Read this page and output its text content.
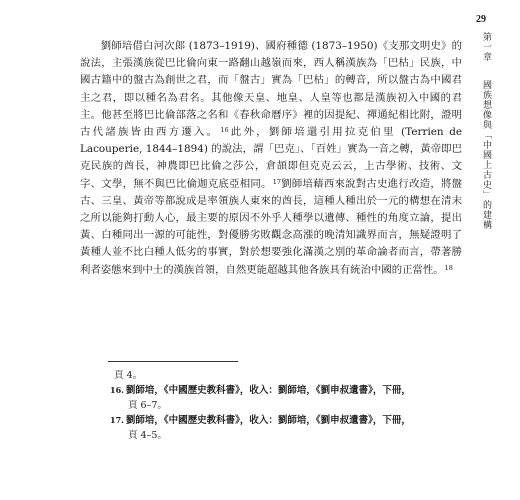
29
第一章　國族想像與「中國上古史」的建構

劉師培借白河次郎 (1873–1919)、國府種德 (1873–1950)《支那文明史》的說法，主張漢族從巴比倫向東一路翻山越嶺而來，西人稱漢族為「巴枯」民族，中國古籍中的盤古為創世之君，而「盤古」實為「巴枯」的轉音，所以盤古為中國君主之君，即以種名為君名。其他像天皇、地皇、人皇等也都是漢族初入中國的君主。他甚至將巴比倫部落之名和《春秋命曆序》裡的因提紀、禪通紀相比附，證明古代諸族皆由西方遷入。$^{16}$此外，劉師培還引用拉克伯里 (Terrien de Lacouperie, 1844–1894) 的說法，謂「巴克」、「百姓」實為一音之轉，黃帝即巴克民族的酋長，神農即巴比倫之莎公，倉頡即但克克云云，上古學術、技術、文字、文學，無不與巴比倫迦克底亞相同。$^{17}$劉師培藉西來說對古史進行改造，將盤古、三皇、黃帝等都說成是率領族人東來的酋長，這種人種出於一元的構想在清末之所以能夠打動人心，最主要的原因不外乎人種學以遺傳、種性的角度立論，提出黃、白種同出一源的可能性，對優勝劣敗觀念高漲的晚清知識界而言，無疑證明了黃種人並不比白種人低劣的事實，對於想要強化滿漢之別的革命論者而言，帶著勝利者姿態來到中土的漢族首領，自然更能超越其他各族具有統治中國的正當性。$^{18}$

頁 4。

16. 劉師培，《中國歷史教科書》，收入：劉師培，《劉申叔遺書》，下冊，

頁 6–7。

17. 劉師培，《中國歷史教科書》，收入：劉師培，《劉申叔遺書》，下冊，

頁 4–5。
